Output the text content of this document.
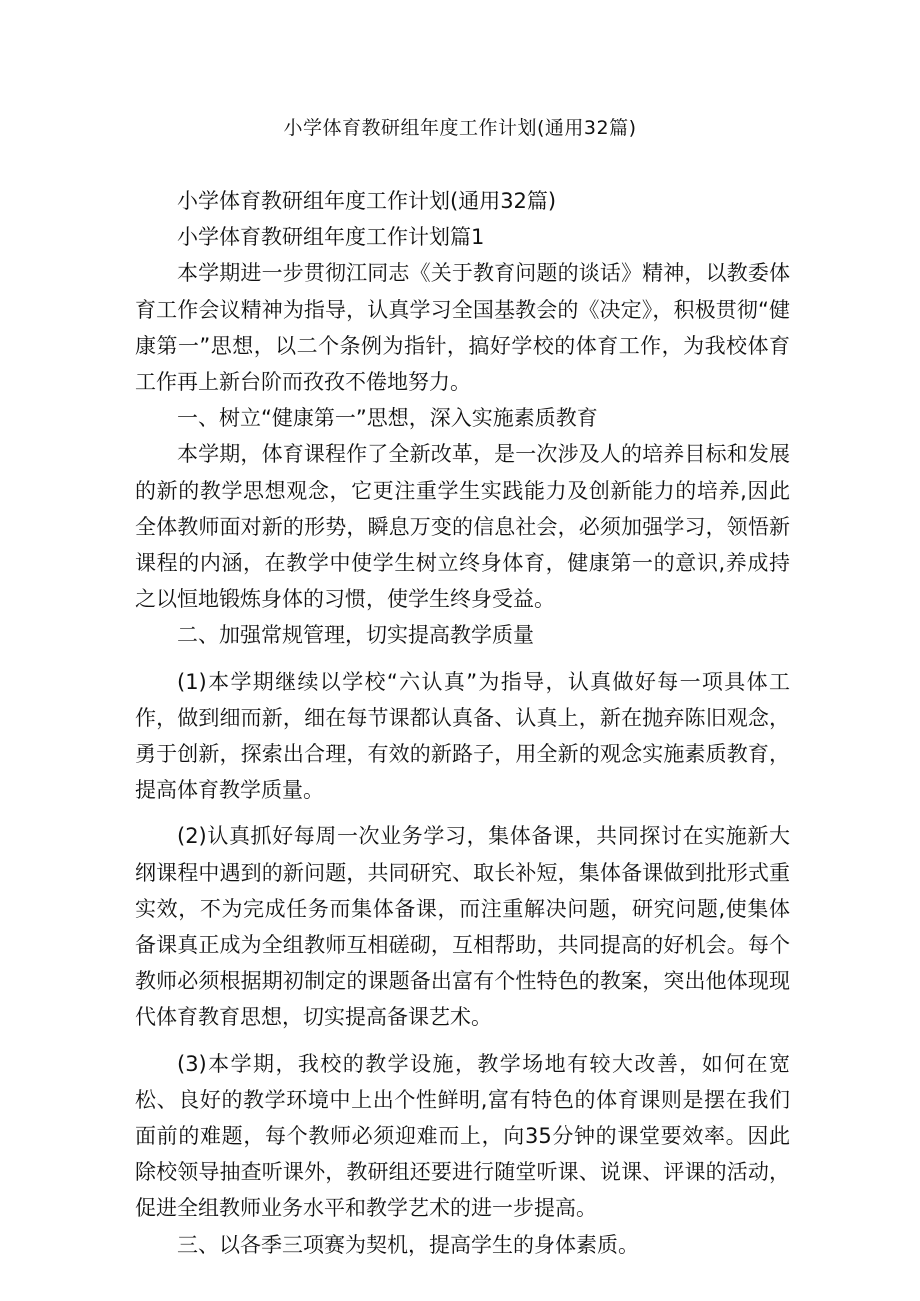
小学体育教研组年度工作计划(通用32篇)

小学体育教研组年度工作计划(通用32篇)

小学体育教研组年度工作计划篇1

本学期进一步贯彻江同志《关于教育问题的谈话》精神，以教委体育工作会议精神为指导，认真学习全国基教会的《决定》，积极贯彻“健康第一”思想，以二个条例为指针，搞好学校的体育工作，为我校体育工作再上新台阶而孜孜不倦地努力。

一、树立“健康第一”思想，深入实施素质教育

本学期，体育课程作了全新改革，是一次涉及人的培养目标和发展的新的教学思想观念，它更注重学生实践能力及创新能力的培养,因此全体教师面对新的形势，瞬息万变的信息社会，必须加强学习，领悟新课程的内涵，在教学中使学生树立终身体育，健康第一的意识,养成持之以恒地锻炼身体的习惯，使学生终身受益。

二、加强常规管理，切实提高教学质量

(1)本学期继续以学校“六认真”为指导，认真做好每一项具体工作，做到细而新，细在每节课都认真备、认真上，新在抛弃陈旧观念，勇于创新，探索出合理，有效的新路子，用全新的观念实施素质教育，提高体育教学质量。

(2)认真抓好每周一次业务学习，集体备课，共同探讨在实施新大纲课程中遇到的新问题，共同研究、取长补短，集体备课做到批形式重实效，不为完成任务而集体备课，而注重解决问题，研究问题,使集体备课真正成为全组教师互相磋砌，互相帮助，共同提高的好机会。每个教师必须根据期初制定的课题备出富有个性特色的教案，突出他体现现代体育教育思想，切实提高备课艺术。

(3)本学期，我校的教学设施，教学场地有较大改善，如何在宽松、良好的教学环境中上出个性鲜明,富有特色的体育课则是摆在我们面前的难题，每个教师必须迎难而上，向35分钟的课堂要效率。因此除校领导抽查听课外，教研组还要进行随堂听课、说课、评课的活动，促进全组教师业务水平和教学艺术的进一步提高。

三、以各季三项赛为契机，提高学生的身体素质。
